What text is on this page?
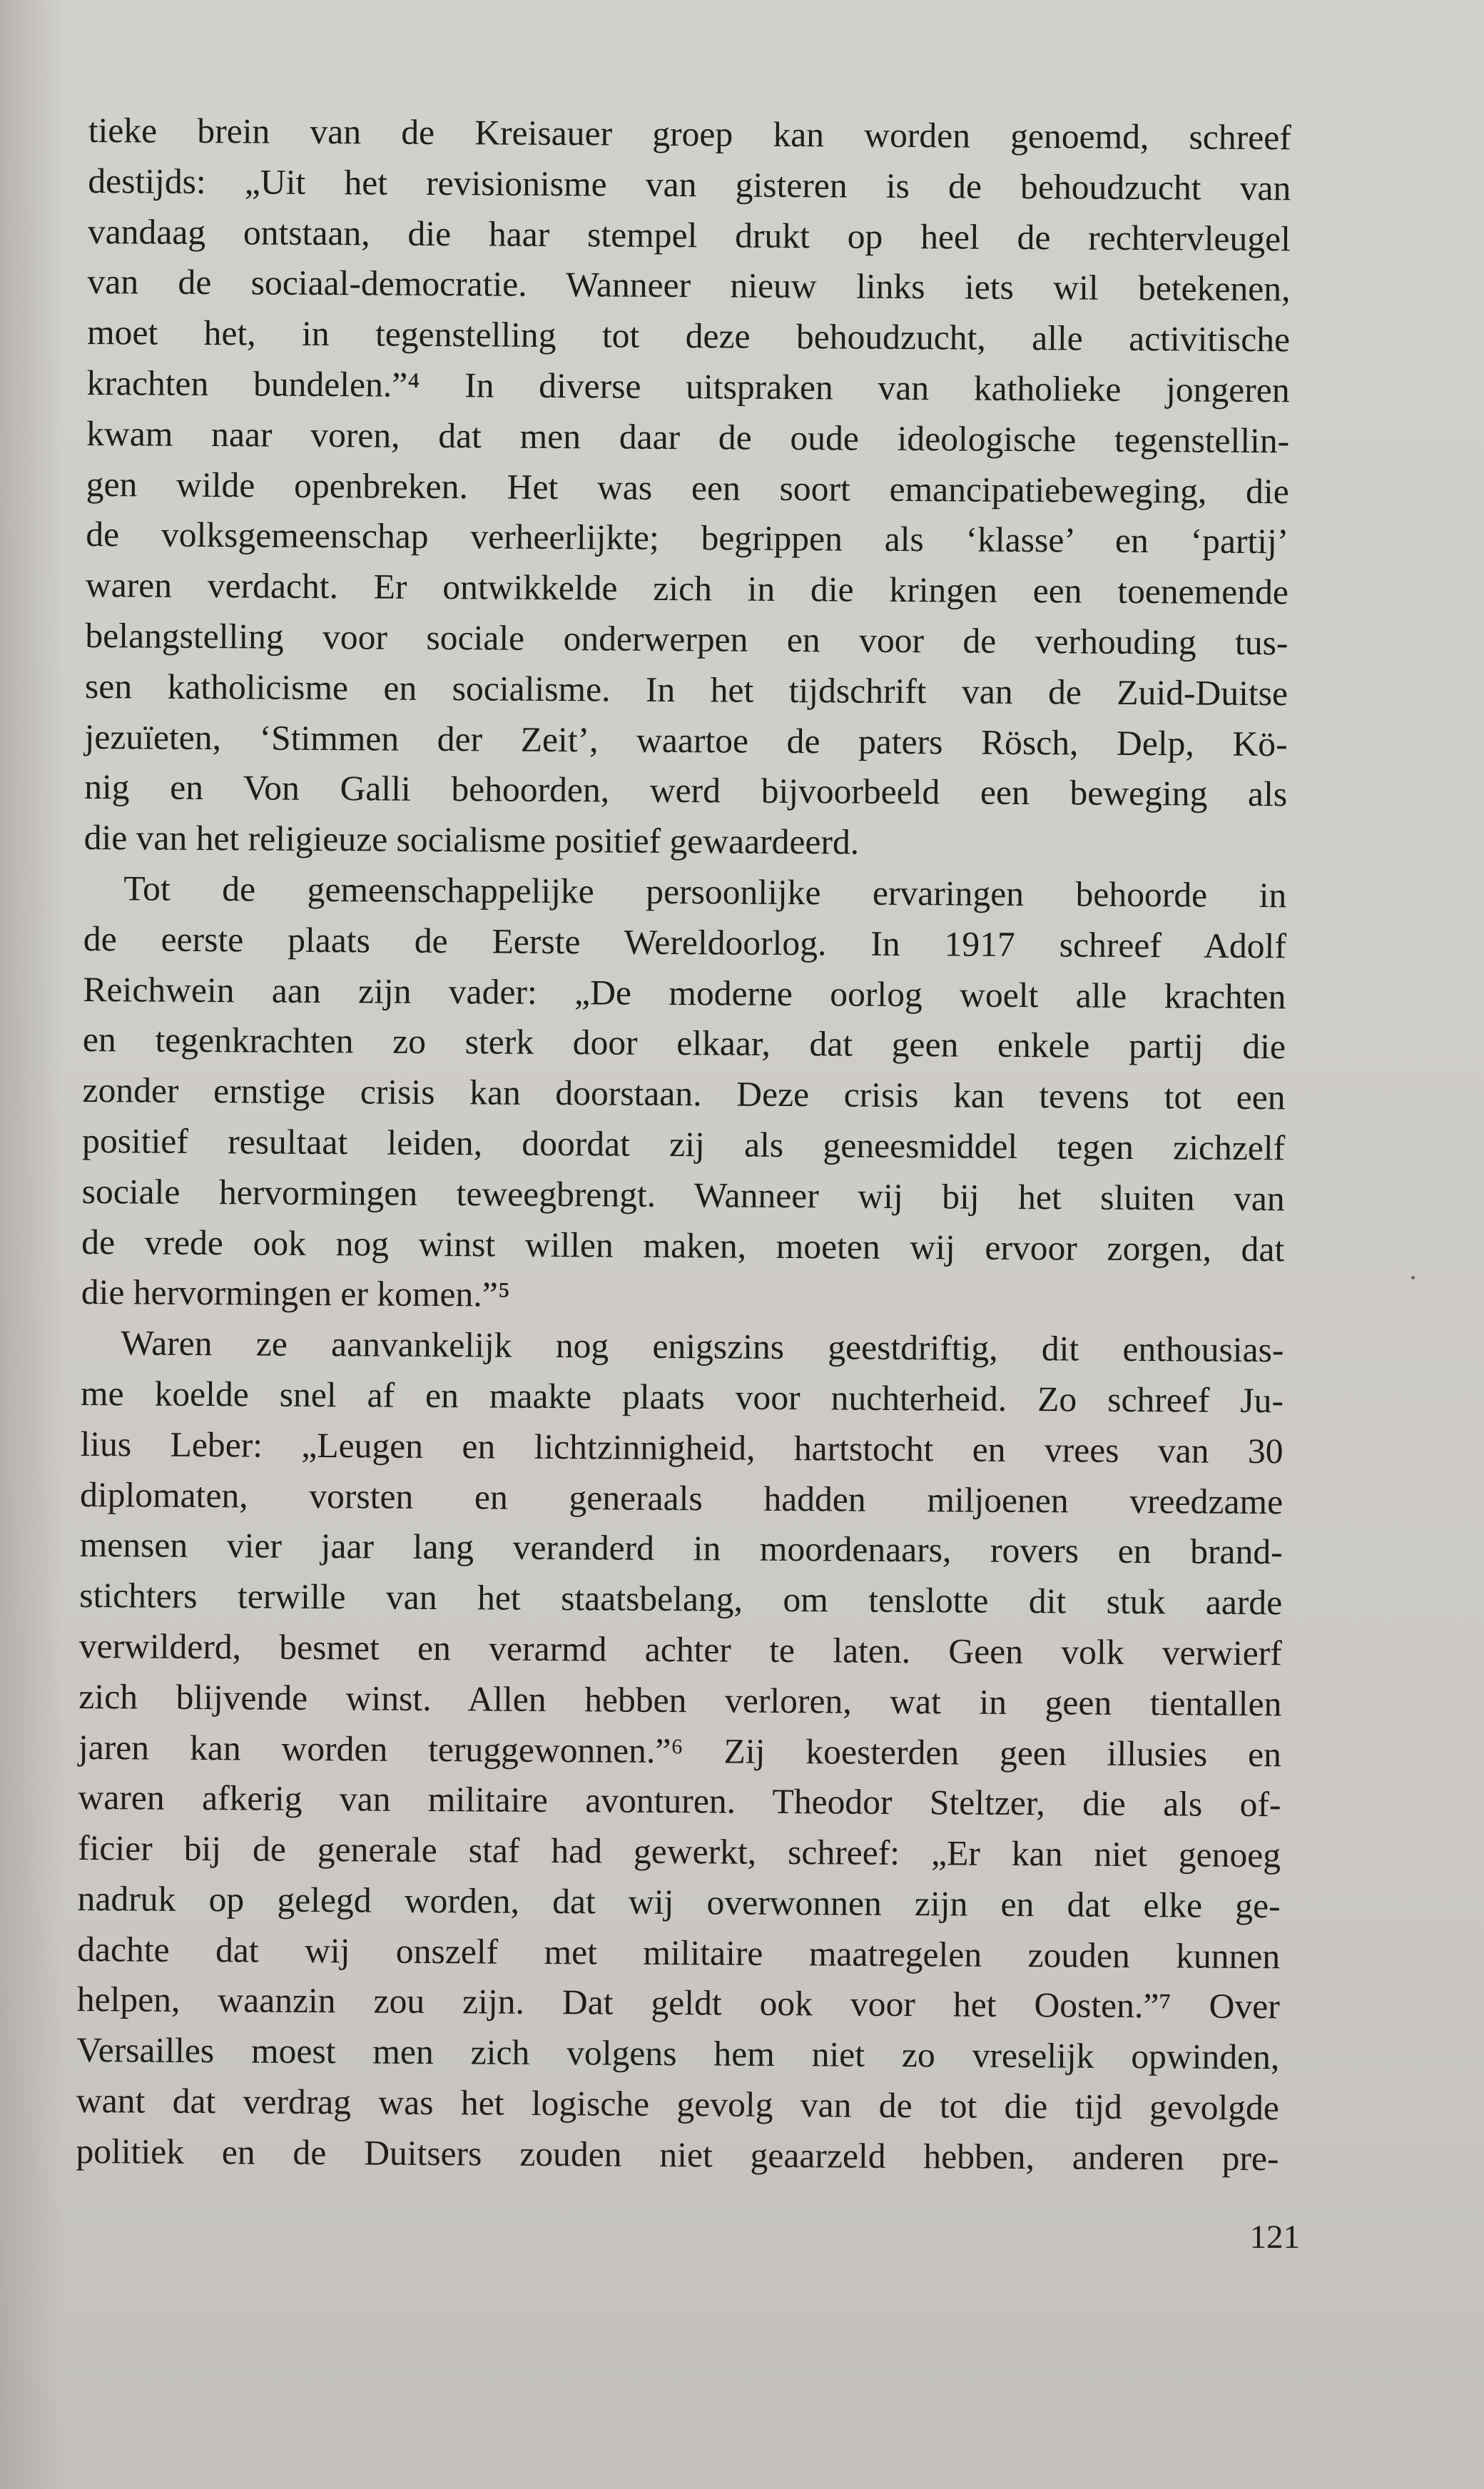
tieke brein van de Kreisauer groep kan worden genoemd, schreef
destijds: „Uit het revisionisme van gisteren is de behoudzucht van
vandaag ontstaan, die haar stempel drukt op heel de rechtervleugel
van de sociaal-democratie. Wanneer nieuw links iets wil betekenen,
moet het, in tegenstelling tot deze behoudzucht, alle activitische
krachten bundelen.”⁴ In diverse uitspraken van katholieke jongeren
kwam naar voren, dat men daar de oude ideologische tegenstellin-
gen wilde openbreken. Het was een soort emancipatiebeweging, die
de volksgemeenschap verheerlijkte; begrippen als ‘klasse’ en ‘partij’
waren verdacht. Er ontwikkelde zich in die kringen een toenemende
belangstelling voor sociale onderwerpen en voor de verhouding tus-
sen katholicisme en socialisme. In het tijdschrift van de Zuid-Duitse
jezuïeten, ‘Stimmen der Zeit’, waartoe de paters Rösch, Delp, Kö-
nig en Von Galli behoorden, werd bijvoorbeeld een beweging als
die van het religieuze socialisme positief gewaardeerd.
Tot de gemeenschappelijke persoonlijke ervaringen behoorde in
de eerste plaats de Eerste Wereldoorlog. In 1917 schreef Adolf
Reichwein aan zijn vader: „De moderne oorlog woelt alle krachten
en tegenkrachten zo sterk door elkaar, dat geen enkele partij die
zonder ernstige crisis kan doorstaan. Deze crisis kan tevens tot een
positief resultaat leiden, doordat zij als geneesmiddel tegen zichzelf
sociale hervormingen teweegbrengt. Wanneer wij bij het sluiten van
de vrede ook nog winst willen maken, moeten wij ervoor zorgen, dat
die hervormingen er komen.”⁵
Waren ze aanvankelijk nog enigszins geestdriftig, dit enthousias-
me koelde snel af en maakte plaats voor nuchterheid. Zo schreef Ju-
lius Leber: „Leugen en lichtzinnigheid, hartstocht en vrees van 30
diplomaten, vorsten en generaals hadden miljoenen vreedzame
mensen vier jaar lang veranderd in moordenaars, rovers en brand-
stichters terwille van het staatsbelang, om tenslotte dit stuk aarde
verwilderd, besmet en verarmd achter te laten. Geen volk verwierf
zich blijvende winst. Allen hebben verloren, wat in geen tientallen
jaren kan worden teruggewonnen.”⁶ Zij koesterden geen illusies en
waren afkerig van militaire avonturen. Theodor Steltzer, die als of-
ficier bij de generale staf had gewerkt, schreef: „Er kan niet genoeg
nadruk op gelegd worden, dat wij overwonnen zijn en dat elke ge-
dachte dat wij onszelf met militaire maatregelen zouden kunnen
helpen, waanzin zou zijn. Dat geldt ook voor het Oosten.”⁷ Over
Versailles moest men zich volgens hem niet zo vreselijk opwinden,
want dat verdrag was het logische gevolg van de tot die tijd gevolgde
politiek en de Duitsers zouden niet geaarzeld hebben, anderen pre-
121
